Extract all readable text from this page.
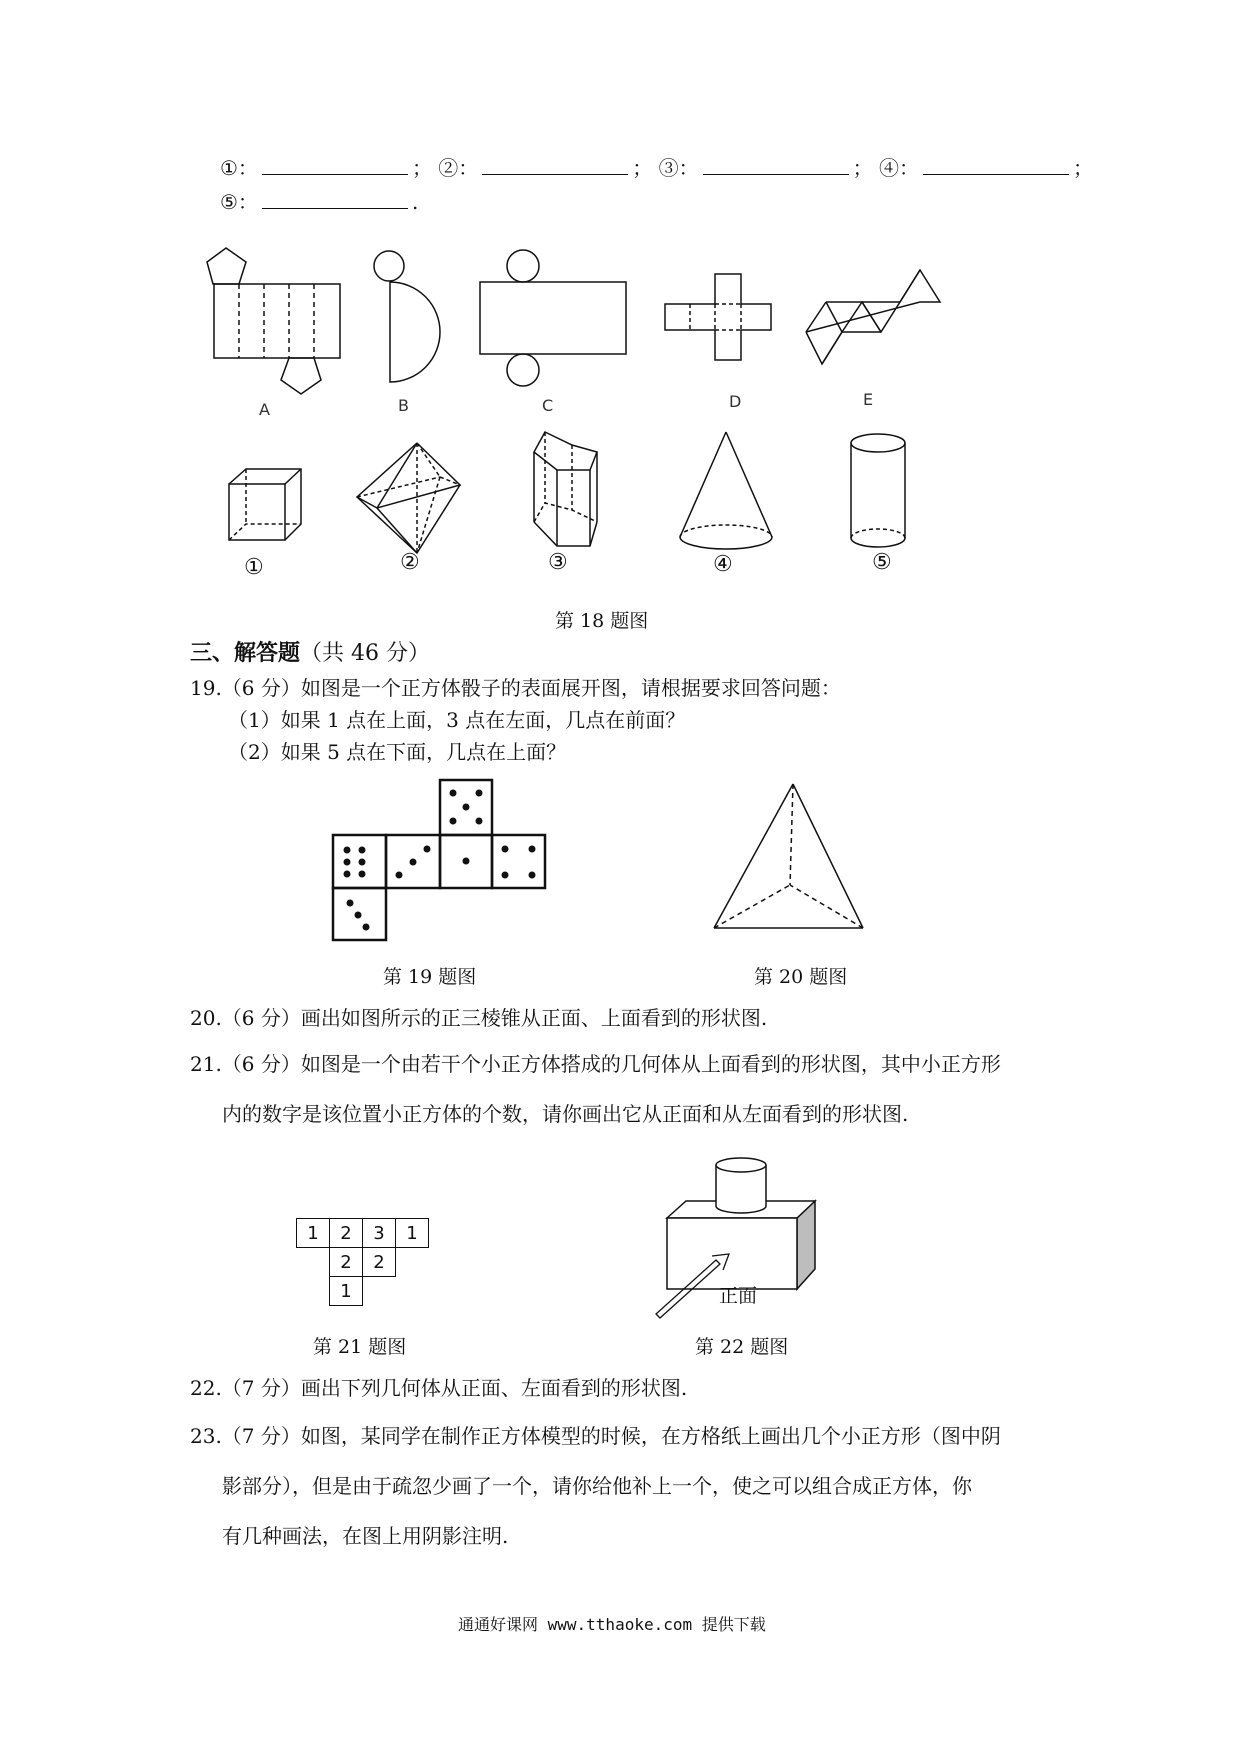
①：	； ②：	； ③：	； ④：	；
⑤：	.
A	B	C	D	E
①	②	③	④	⑤
第 18 题图
三、解答题（共 46 分）
19.（6 分）如图是一个正方体骰子的表面展开图，请根据要求回答问题：
（1）如果 1 点在上面，3 点在左面，几点在前面？
（2）如果 5 点在下面，几点在上面？
第 19 题图	第 20 题图
20.（6 分）画出如图所示的正三棱锥从正面、上面看到的形状图.
21.（6 分）如图是一个由若干个小正方体搭成的几何体从上面看到的形状图，其中小正方形
内的数字是该位置小正方体的个数，请你画出它从正面和从左面看到的形状图.
1	2	3	1
	2	2	
	1			正面
第 21 题图	第 22 题图
22.（7 分）画出下列几何体从正面、左面看到的形状图.
23.（7 分）如图，某同学在制作正方体模型的时候，在方格纸上画出几个小正方形（图中阴
影部分），但是由于疏忽少画了一个，请你给他补上一个，使之可以组合成正方体，你
有几种画法，在图上用阴影注明.
通通好课网 www.tthaoke.com 提供下载
